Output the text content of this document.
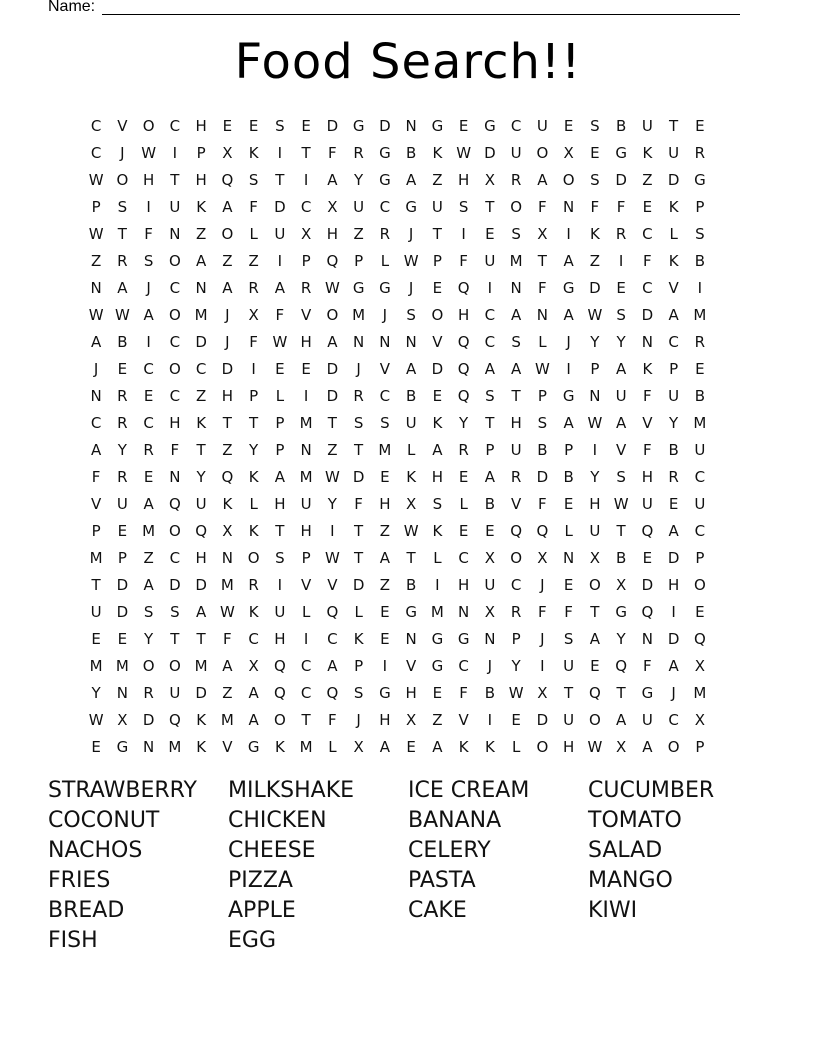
Name:
Food Search!!
C	V	O	C	H	E	E	S	E	D G D N G	E	G	C	U	E	S	B	U	T	E
C	J	W	I	P	X	K	I	T	F	R	G	B	K W D U O	X	E	G	K	U	R
W O H	T	H Q	S	T	I	A	Y	G	A	Z	H	X	R	A	O	S	D	Z	D G
P	S	I	U	K	A	F	D	C	X	U	C	G U	S	T	O	F	N	F	F	E	K	P
W T	F	N	Z	O	L	U	X	H	Z	R	J	T	I	E	S	X	I	K	R	C	L	S
Z	R	S	O	A	Z	Z	I	P	Q	P	L W P	F	U M	T	A	Z	I	F	K	B
N	A	J	C	N	A	R	A	R W G G	J	E	Q	I	N	F	G D	E	C	V	I
W W A	O M	J	X	F	V	O M	J	S	O H	C	A	N	A W S	D	A M
A	B	I	C	D	J	F W H	A	N	N	N	V	Q	C	S	L	J	Y	Y	N	C	R
J	E	C	O	C	D	I	E	E	D	J	V	A	D Q	A	A W	I	P	A	K	P	E
N	R	E	C	Z	H	P	L	I	D	R	C	B	E	Q	S	T	P	G N	U	F	U	B
C	R	C	H	K	T	T	P	M	T	S	S	U	K	Y	T	H	S	A W A	V	Y	M
A	Y	R	F	T	Z	Y	P	N	Z	T	M	L	A	R	P	U	B	P	I	V	F	B	U
F	R	E	N	Y	Q	K	A M W D	E	K	H	E	A	R	D	B	Y	S	H	R	C
V	U	A	Q U	K	L	H	U	Y	F	H	X	S	L	B	V	F	E	H W U	E	U
P	E	M O Q	X	K	T	H	I	T	Z W K	E	E	Q Q	L	U	T	Q	A	C
M	P	Z	C	H N O	S	P W T	A	T	L	C	X	O	X	N	X	B	E	D	P
T	D	A	D D M R	I	V	V	D	Z	B	I	H	U	C	J	E	O	X	D H O
U D	S	S	A W K	U	L	Q	L	E	G M N	X	R	F	F	T	G Q	I	E
E	E	Y	T	T	F	C	H	I	C	K	E	N G G N	P	J	S	A	Y	N D Q
M M O O M A	X	Q	C	A	P	I	V	G	C	J	Y	I	U	E	Q	F	A	X
Y	N	R	U D	Z	A	Q	C	Q	S	G H	E	F	B W X	T	Q	T	G	J	M
W X	D Q	K M A	O	T	F	J	H	X	Z	V	I	E	D U O	A	U	C	X
E	G N M K	V	G	K M	L	X	A	E	A	K	K	L	O H W X	A	O	P
STRAWBERRY	MILKSHAKE	ICE CREAM	CUCUMBER
COCONUT	CHICKEN	BANANA	TOMATO
NACHOS	CHEESE	CELERY	SALAD
FRIES	PIZZA	PASTA	MANGO
BREAD	APPLE	CAKE	KIWI
FISH	EGG
